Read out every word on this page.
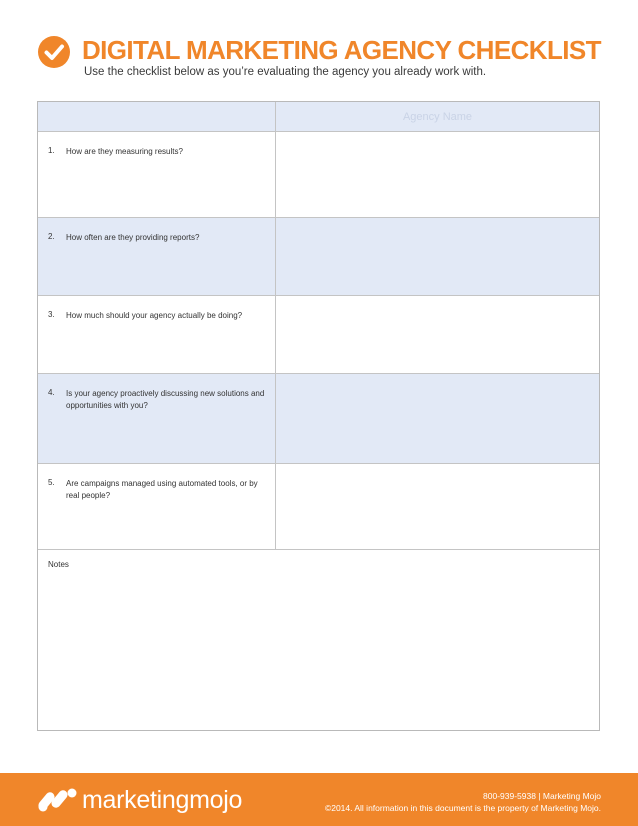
DIGITAL MARKETING AGENCY CHECKLIST

Use the checklist below as you’re evaluating the agency you already work with.

Agency Name
1. How are they measuring results?
2. How often are they providing reports?
3. How much should your agency actually be doing?
4. Is your agency proactively discussing new solutions and opportunities with you?
5. Are campaigns managed using automated tools, or by real people?
Notes
marketingmojo	800-939-5938 | Marketing Mojo
©2014. All information in this document is the property of Marketing Mojo.
